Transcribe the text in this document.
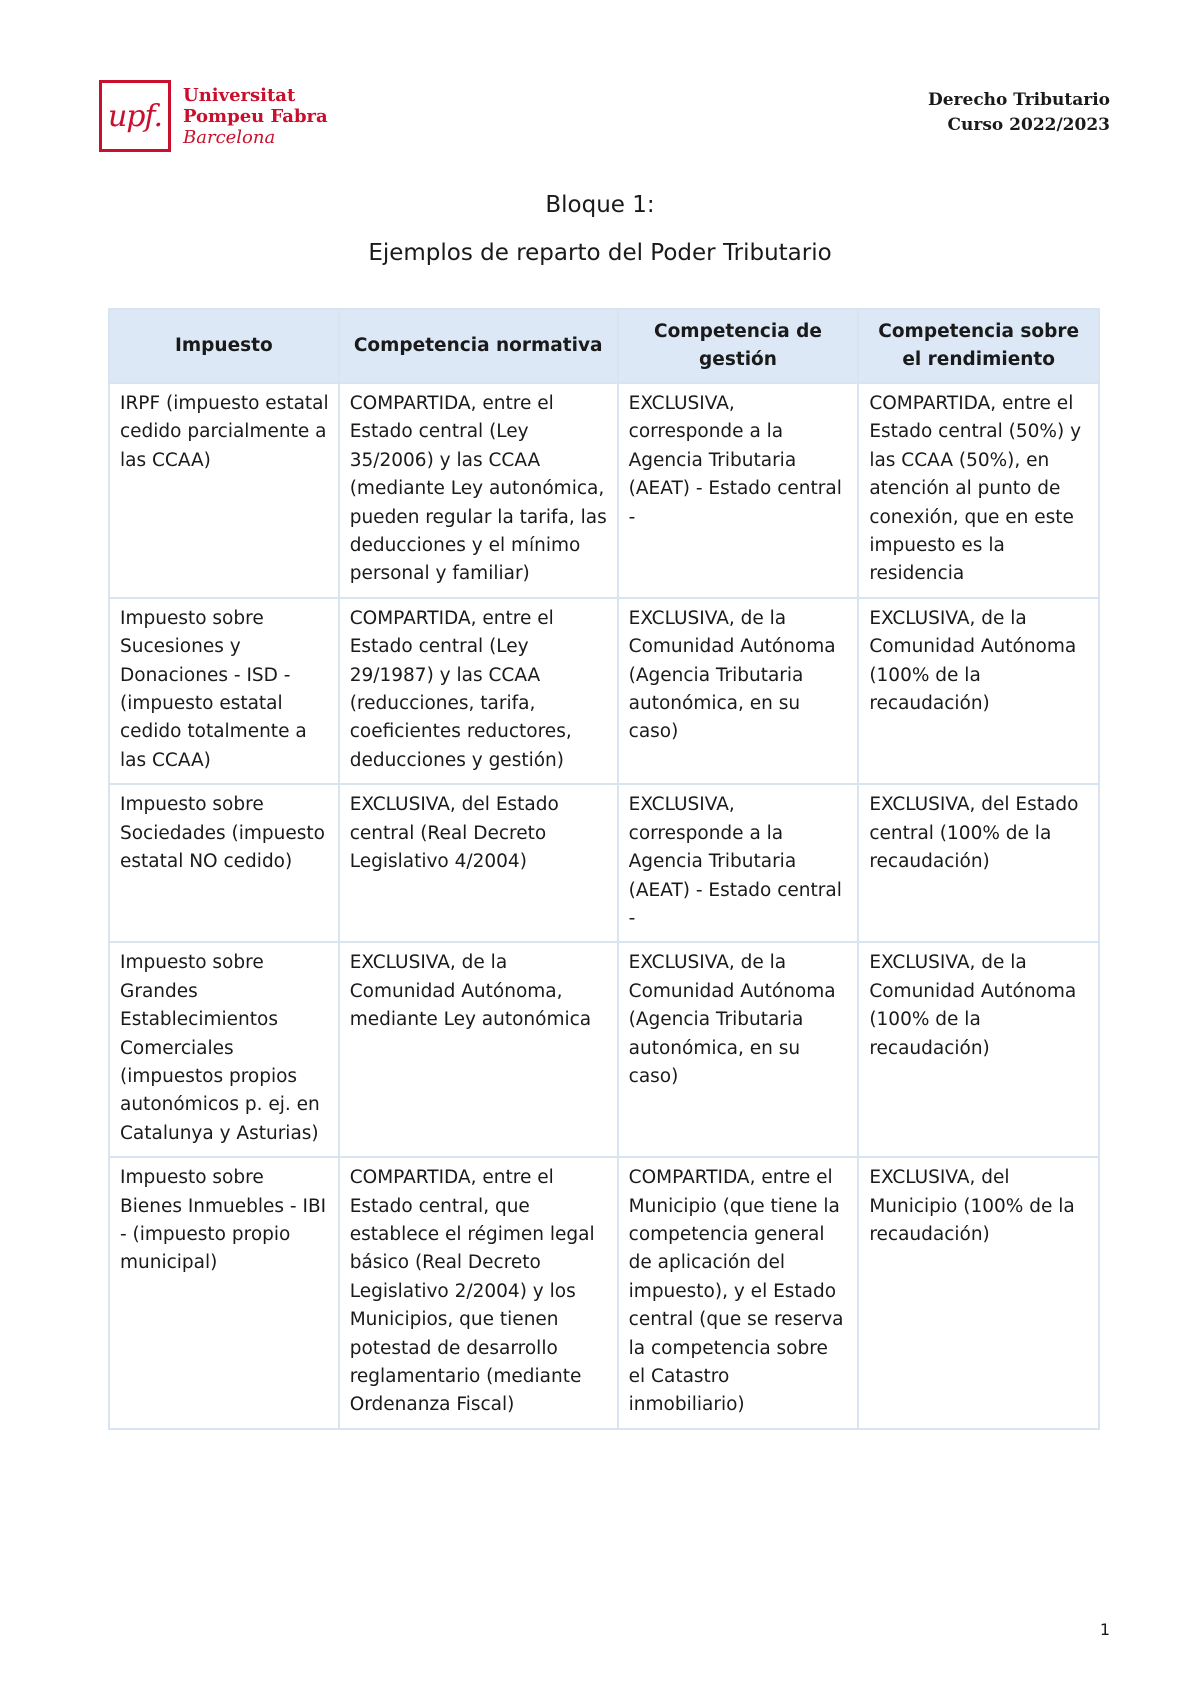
upf.
Universitat
Pompeu Fabra
Barcelona
Derecho Tributario
Curso 2022/2023
Bloque 1:
Ejemplos de reparto del Poder Tributario
Impuesto	Competencia normativa	Competencia de gestión	Competencia sobre el rendimiento
IRPF (impuesto estatal cedido parcialmente a las CCAA)	COMPARTIDA, entre el Estado central (Ley 35/2006) y las CCAA (mediante Ley autonómica, pueden regular la tarifa, las deducciones y el mínimo personal y familiar)	EXCLUSIVA, corresponde a la Agencia Tributaria (AEAT) - Estado central -	COMPARTIDA, entre el Estado central (50%) y las CCAA (50%), en atención al punto de conexión, que en este impuesto es la residencia
Impuesto sobre Sucesiones y Donaciones - ISD - (impuesto estatal cedido totalmente a las CCAA)	COMPARTIDA, entre el Estado central (Ley 29/1987) y las CCAA (reducciones, tarifa, coeficientes reductores, deducciones y gestión)	EXCLUSIVA, de la Comunidad Autónoma (Agencia Tributaria autonómica, en su caso)	EXCLUSIVA, de la Comunidad Autónoma (100% de la recaudación)
Impuesto sobre Sociedades (impuesto estatal NO cedido)	EXCLUSIVA, del Estado central (Real Decreto Legislativo 4/2004)	EXCLUSIVA, corresponde a la Agencia Tributaria (AEAT) - Estado central -	EXCLUSIVA, del Estado central (100% de la recaudación)
Impuesto sobre Grandes Establecimientos Comerciales (impuestos propios autonómicos p. ej. en Catalunya y Asturias)	EXCLUSIVA, de la Comunidad Autónoma, mediante Ley autonómica	EXCLUSIVA, de la Comunidad Autónoma (Agencia Tributaria autonómica, en su caso)	EXCLUSIVA, de la Comunidad Autónoma (100% de la recaudación)
Impuesto sobre Bienes Inmuebles - IBI - (impuesto propio municipal)	COMPARTIDA, entre el Estado central, que establece el régimen legal básico (Real Decreto Legislativo 2/2004) y los Municipios, que tienen potestad de desarrollo reglamentario (mediante Ordenanza Fiscal)	COMPARTIDA, entre el Municipio (que tiene la competencia general de aplicación del impuesto), y el Estado central (que se reserva la competencia sobre el Catastro inmobiliario)	EXCLUSIVA, del Municipio (100% de la recaudación)
1
